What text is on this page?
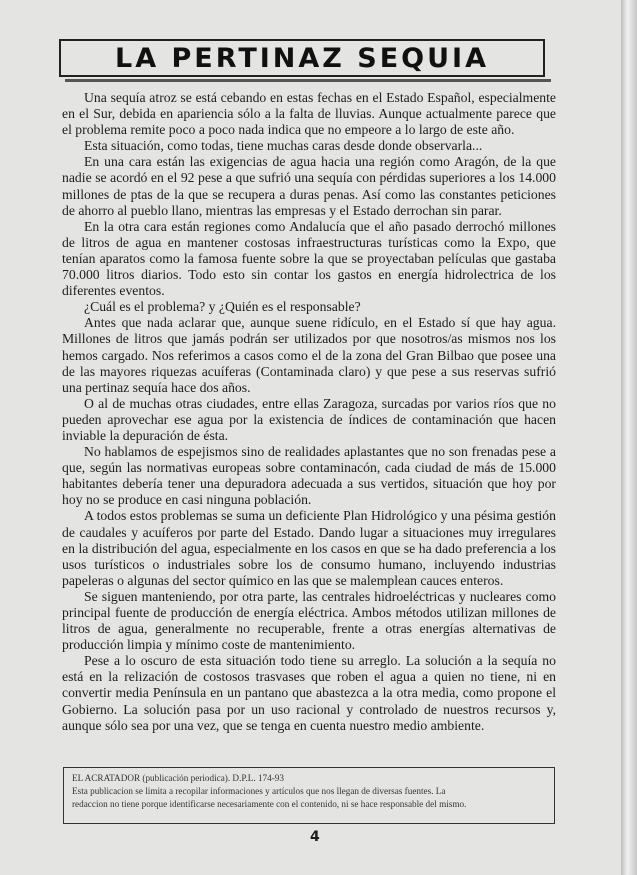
LA PERTINAZ SEQUIA

Una sequía atroz se está cebando en estas fechas en el Estado Español, especialmente en el Sur, debida en apariencia sólo a la falta de lluvias. Aunque actualmente parece que el problema remite poco a poco nada indica que no empeore a lo largo de este año.

Esta situación, como todas, tiene muchas caras desde donde observarla...

En una cara están las exigencias de agua hacia una región como Aragón, de la que nadie se acordó en el 92 pese a que sufrió una sequía con pérdidas superiores a los 14.000 millones de ptas de la que se recupera a duras penas. Así como las constantes peticiones de ahorro al pueblo llano, mientras las empresas y el Estado derrochan sin parar.

En la otra cara están regiones como Andalucía que el año pasado derrochó millones de litros de agua en mantener costosas infraestructuras turísticas como la Expo, que tenían aparatos como la famosa fuente sobre la que se proyectaban películas que gastaba 70.000 litros diarios. Todo esto sin contar los gastos en energía hidrolectrica de los diferentes eventos.

¿Cuál es el problema? y ¿Quién es el responsable?

Antes que nada aclarar que, aunque suene ridículo, en el Estado sí que hay agua. Millones de litros que jamás podrán ser utilizados por que nosotros/as mismos nos los hemos cargado. Nos referimos a casos como el de la zona del Gran Bilbao que posee una de las mayores riquezas acuíferas (Contaminada claro) y que pese a sus reservas sufrió una pertinaz sequía hace dos años.

O al de muchas otras ciudades, entre ellas Zaragoza, surcadas por varios ríos que no pueden aprovechar ese agua por la existencia de índices de contaminación que hacen inviable la depuración de ésta.

No hablamos de espejismos sino de realidades aplastantes que no son frenadas pese a que, según las normativas europeas sobre contaminacón, cada ciudad de más de 15.000 habitantes debería tener una depuradora adecuada a sus vertidos, situación que hoy por hoy no se produce en casi ninguna población.

A todos estos problemas se suma un deficiente Plan Hidrológico y una pésima gestión de caudales y acuíferos por parte del Estado. Dando lugar a situaciones muy irregulares en la distribución del agua, especialmente en los casos en que se ha dado preferencia a los usos turísticos o industriales sobre los de consumo humano, incluyendo industrias papeleras o algunas del sector químico en las que se malemplean cauces enteros.

Se siguen manteniendo, por otra parte, las centrales hidroeléctricas y nucleares como principal fuente de producción de energía eléctrica. Ambos métodos utilizan millones de litros de agua, generalmente no recuperable, frente a otras energías alternativas de producción limpia y mínimo coste de mantenimiento.

Pese a lo oscuro de esta situación todo tiene su arreglo. La solución a la sequía no está en la relización de costosos trasvases que roben el agua a quien no tiene, ni en convertir media Península en un pantano que abastezca a la otra media, como propone el Gobierno. La solución pasa por un uso racional y controlado de nuestros recursos y, aunque sólo sea por una vez, que se tenga en cuenta nuestro medio ambiente.

EL ACRATADOR (publicación periodica). D.P.L. 174-93
Esta publicacion se limita a recopilar informaciones y artículos que nos llegan de diversas fuentes. La
redaccion no tiene porque identificarse necesariamente con el contenido, ni se hace responsable del mismo.
4
